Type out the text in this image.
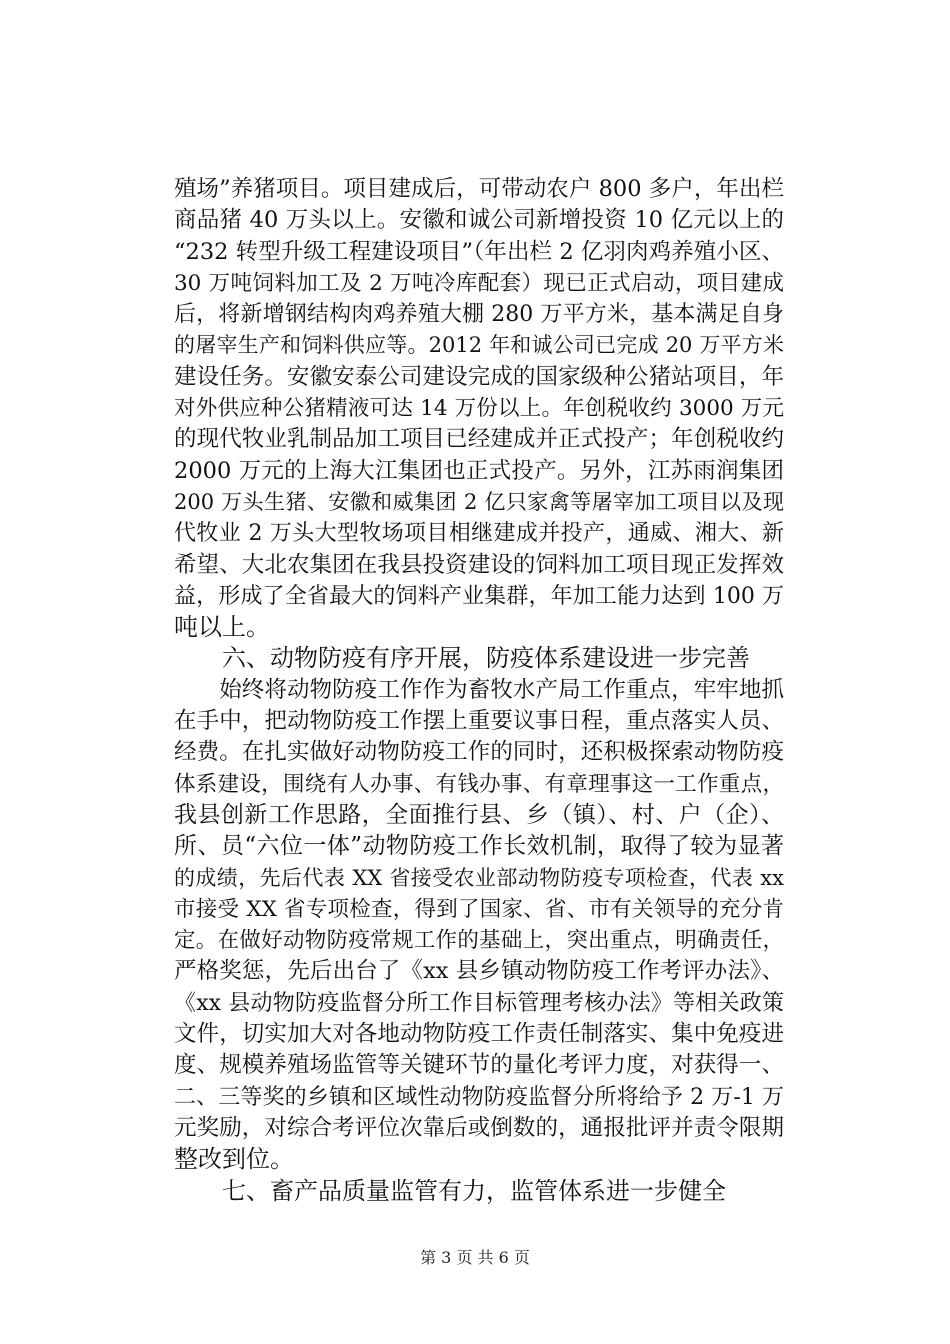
殖场”养猪项目。项目建成后，可带动农户 800 多户，年出栏
商品猪 40 万头以上。安徽和诚公司新增投资 10 亿元以上的
“232 转型升级工程建设项目”（年出栏 2 亿羽肉鸡养殖小区、
30 万吨饲料加工及 2 万吨冷库配套）现已正式启动，项目建成
后，将新增钢结构肉鸡养殖大棚 280 万平方米，基本满足自身
的屠宰生产和饲料供应等。2012 年和诚公司已完成 20 万平方米
建设任务。安徽安泰公司建设完成的国家级种公猪站项目，年
对外供应种公猪精液可达 14 万份以上。年创税收约 3000 万元
的现代牧业乳制品加工项目已经建成并正式投产；年创税收约
2000 万元的上海大江集团也正式投产。另外，江苏雨润集团
200 万头生猪、安徽和威集团 2 亿只家禽等屠宰加工项目以及现
代牧业 2 万头大型牧场项目相继建成并投产，通威、湘大、新
希望、大北农集团在我县投资建设的饲料加工项目现正发挥效
益，形成了全省最大的饲料产业集群，年加工能力达到 100 万
吨以上。
　　六、动物防疫有序开展，防疫体系建设进一步完善
　　始终将动物防疫工作作为畜牧水产局工作重点，牢牢地抓
在手中，把动物防疫工作摆上重要议事日程，重点落实人员、
经费。在扎实做好动物防疫工作的同时，还积极探索动物防疫
体系建设，围绕有人办事、有钱办事、有章理事这一工作重点，
我县创新工作思路，全面推行县、乡（镇）、村、户（企）、
所、员“六位一体”动物防疫工作长效机制，取得了较为显著
的成绩，先后代表 XX 省接受农业部动物防疫专项检查，代表 xx
市接受 XX 省专项检查，得到了国家、省、市有关领导的充分肯
定。在做好动物防疫常规工作的基础上，突出重点，明确责任，
严格奖惩，先后出台了《xx 县乡镇动物防疫工作考评办法》、
《xx 县动物防疫监督分所工作目标管理考核办法》等相关政策
文件，切实加大对各地动物防疫工作责任制落实、集中免疫进
度、规模养殖场监管等关键环节的量化考评力度，对获得一、
二、三等奖的乡镇和区域性动物防疫监督分所将给予 2 万-1 万
元奖励，对综合考评位次靠后或倒数的，通报批评并责令限期
整改到位。
　　七、畜产品质量监管有力，监管体系进一步健全
第 3 页 共 6 页
